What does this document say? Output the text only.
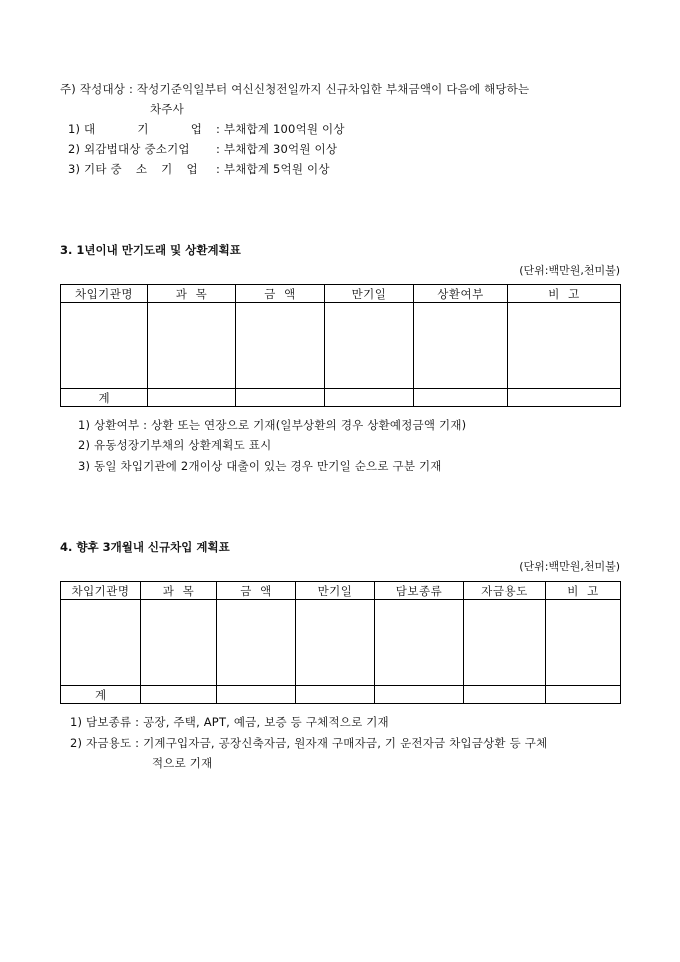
주) 작성대상 : 작성기준익일부터 여신신청전일까지 신규차입한 부채금액이 다음에 해당하는
차주사
1) 대	기	업 : 부채합계 100억원 이상
2) 외감법대상 중소기업 : 부채합계 30억원 이상
3) 기타 중 소 기 업 : 부채합계 5억원 이상
3. 1년이내 만기도래 및 상환계획표
(단위:백만원,천미불)
차입기관명	과  목	금  액	만기일	상환여부	비  고

계					
1) 상환여부 : 상환 또는 연장으로 기재(일부상환의 경우 상환예정금액 기재)
2) 유동성장기부채의 상환계획도 표시
3) 동일 차입기관에 2개이상 대출이 있는 경우 만기일 순으로 구분 기재
4. 향후 3개월내 신규차입 계획표
(단위:백만원,천미불)
차입기관명	과  목	금  액	만기일	담보종류	자금용도	비  고

계						
1) 담보종류 : 공장, 주택, APT, 예금, 보증 등 구체적으로 기재
2) 자금용도 : 기계구입자금, 공장신축자금, 원자재 구매자금, 기 운전자금 차입금상환 등 구체
적으로 기재
